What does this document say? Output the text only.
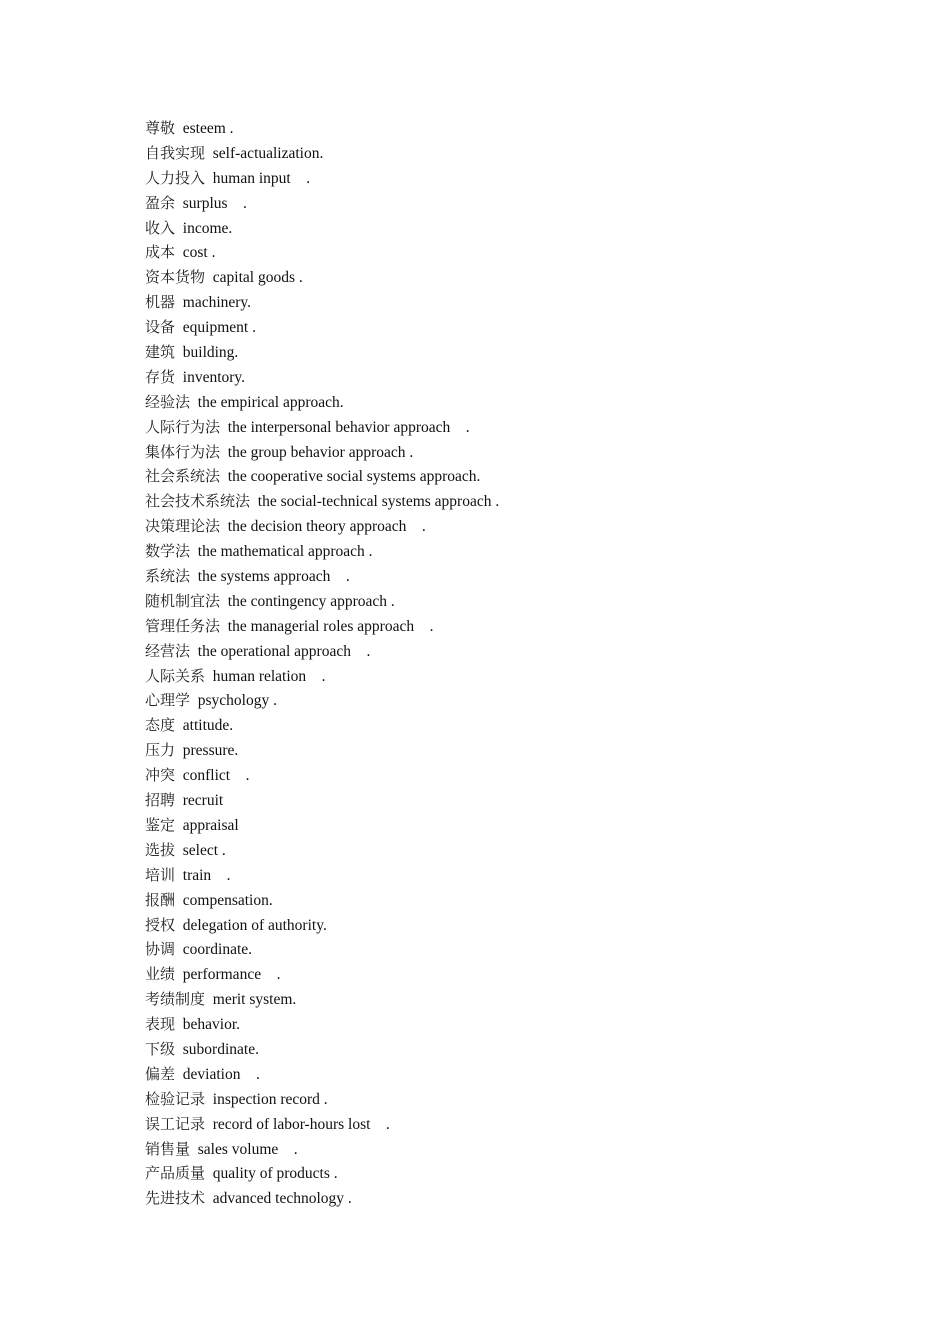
尊敬 esteem .
自我实现 self-actualization.
人力投入 human input    .
盈余 surplus    .
收入 income.
成本 cost .
资本货物 capital goods .
机器 machinery.
设备 equipment .
建筑 building.
存货 inventory.
经验法 the empirical approach.
人际行为法 the interpersonal behavior approach    .
集体行为法 the group behavior approach .
社会系统法 the cooperative social systems approach.
社会技术系统法 the social-technical systems approach .
决策理论法 the decision theory approach    .
数学法 the mathematical approach .
系统法 the systems approach    .
随机制宜法 the contingency approach .
管理任务法 the managerial roles approach    .
经营法 the operational approach    .
人际关系 human relation    .
心理学 psychology .
态度 attitude.
压力 pressure.
冲突 conflict    .
招聘 recruit
鉴定 appraisal
选拔 select .
培训 train    .
报酬 compensation.
授权 delegation of authority.
协调 coordinate.
业绩 performance    .
考绩制度 merit system.
表现 behavior.
下级 subordinate.
偏差 deviation    .
检验记录 inspection record .
误工记录 record of labor-hours lost    .
销售量 sales volume    .
产品质量 quality of products .
先进技术 advanced technology .
